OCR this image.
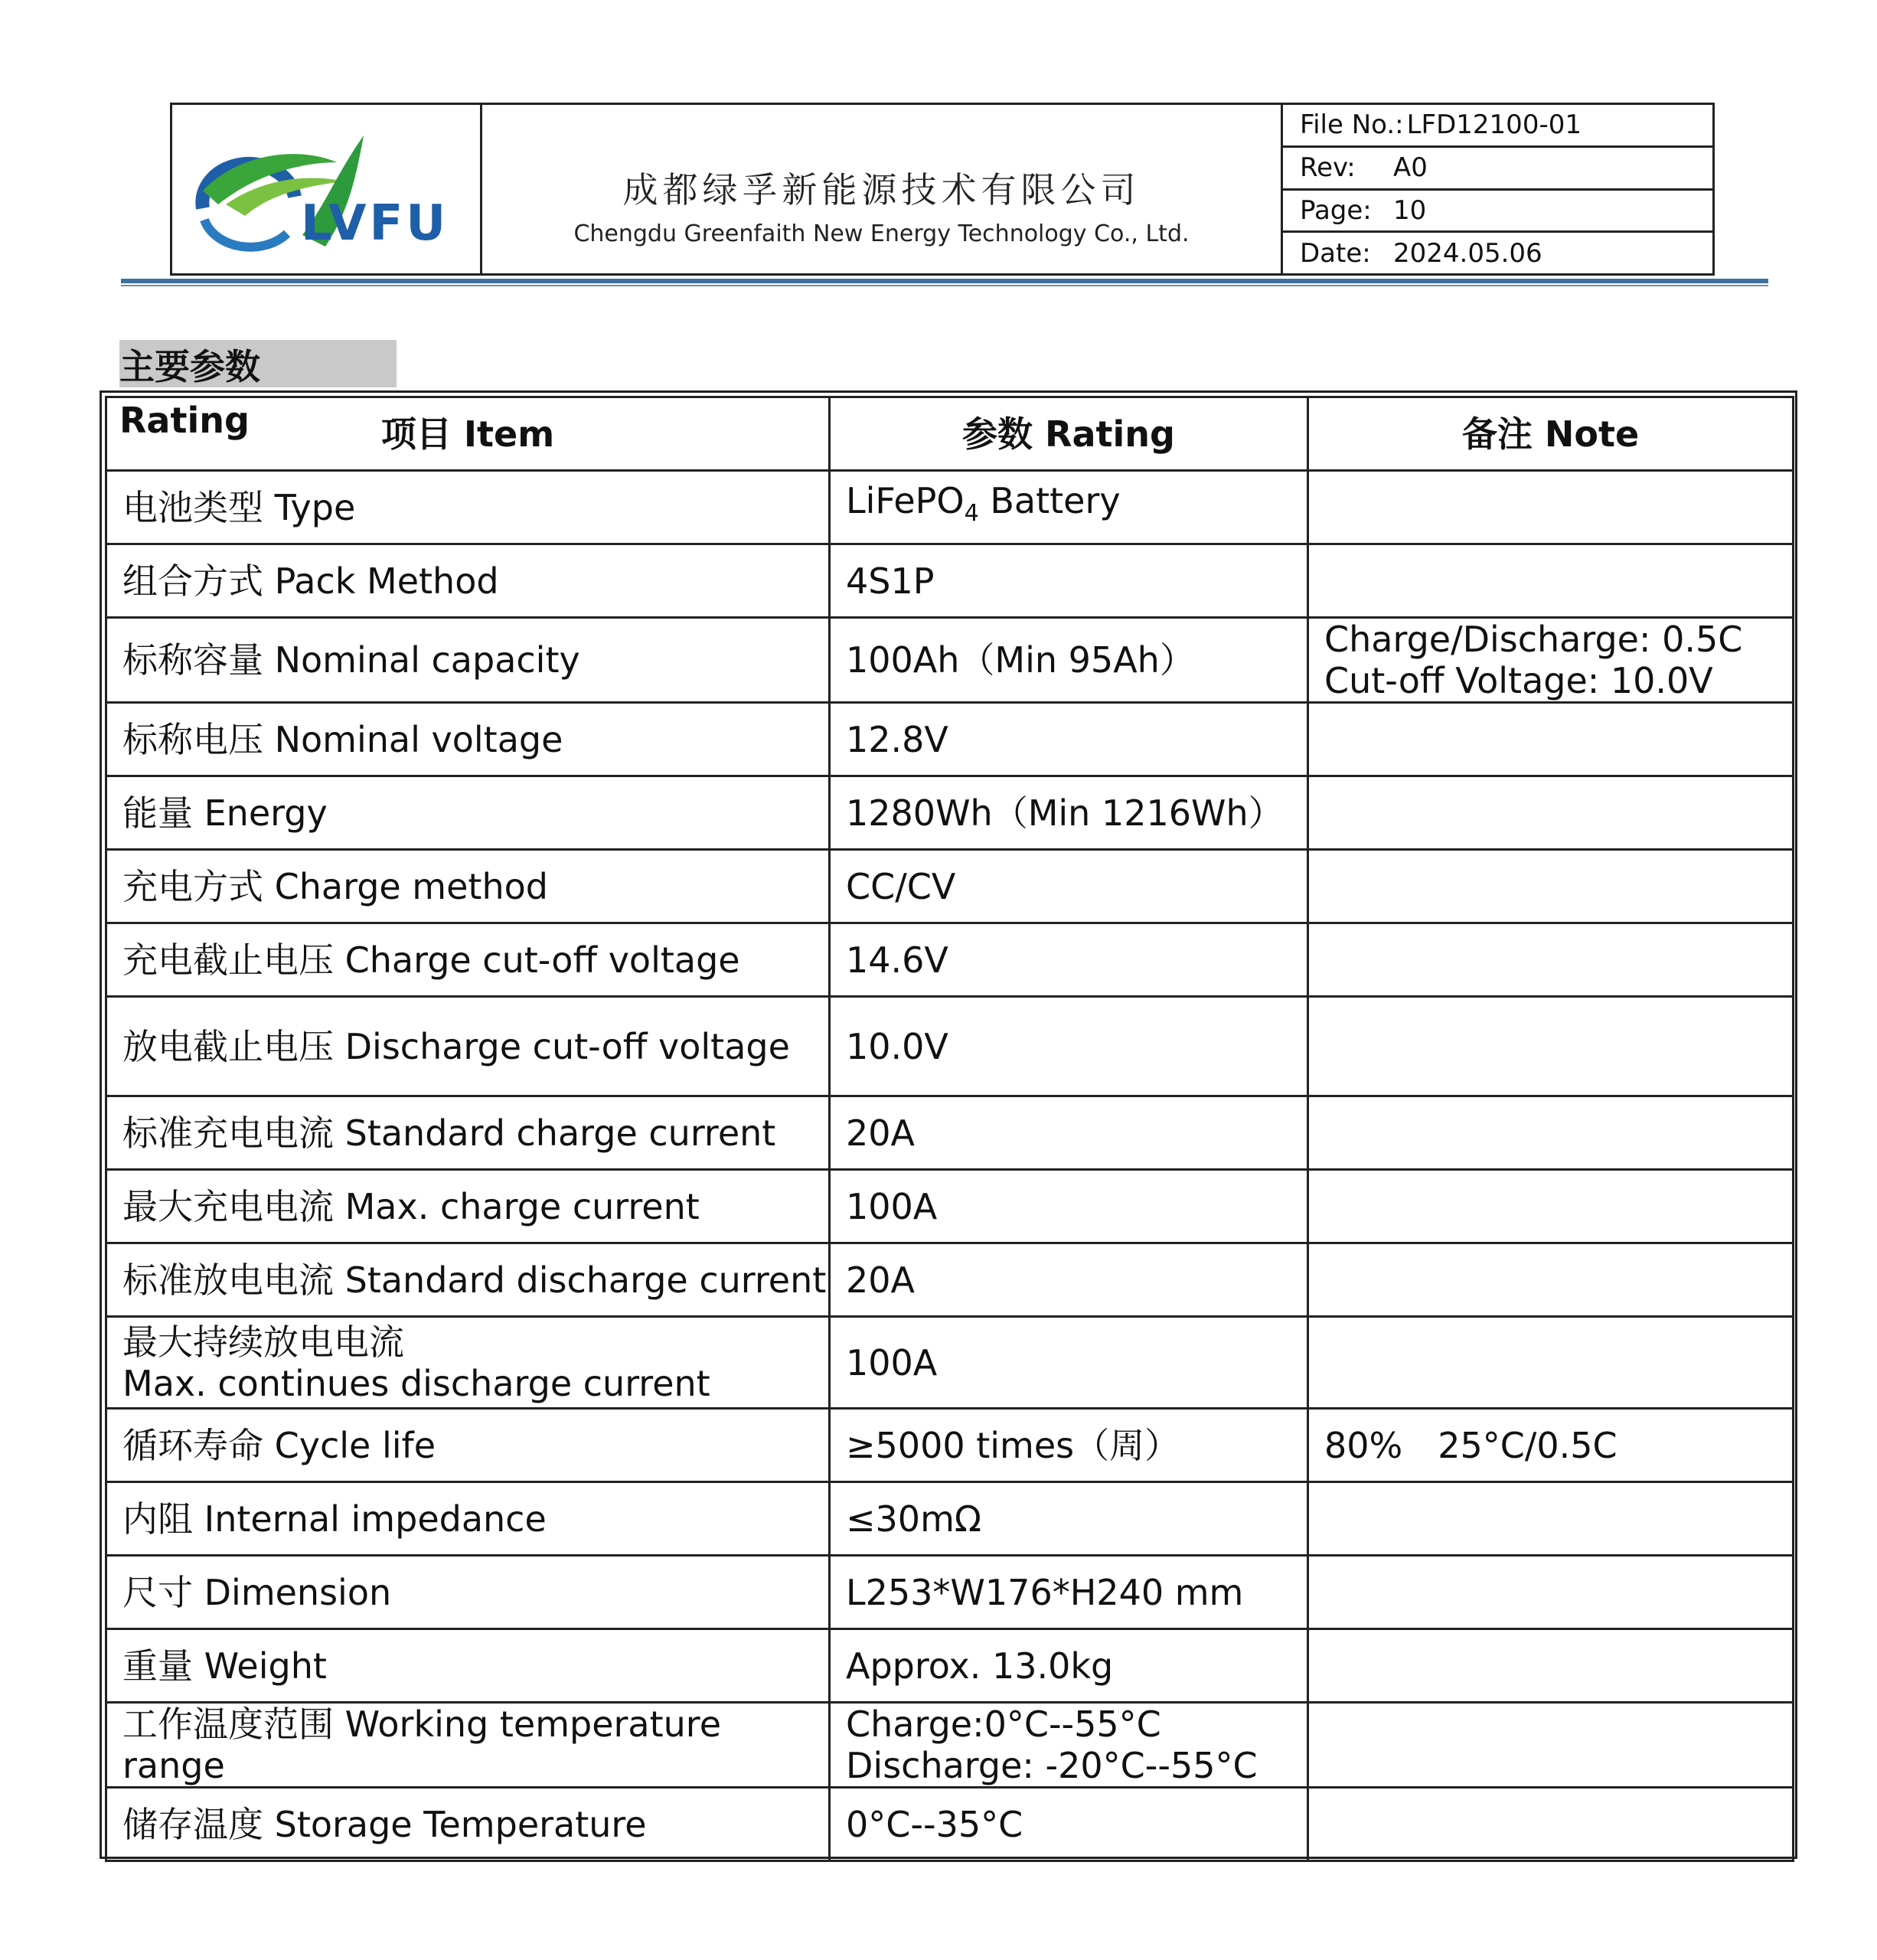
LVFU
成都绿孚新能源技术有限公司
Chengdu Greenfaith New Energy Technology Co., Ltd.
File No.: LFD12100-01
Rev:	A0
Page: 10
Date: 2024.05.06
主要参数 Rating	项目 Item	参数 Rating	备注 Note
电池类型 Type	LiFePO$_4$ Battery	
组合方式 Pack Method	4S1P	
标称容量 Nominal capacity	100Ah（Min 95Ah）	Charge/Discharge: 0.5C
Cut-off Voltage: 10.0V

标称电压 Nominal voltage	12.8V	
能量 Energy	1280Wh（Min 1216Wh）	
充电方式 Charge method	CC/CV	
充电截止电压 Charge cut-off voltage	14.6V	
放电截止电压 Discharge cut-off voltage	10.0V	
标准充电电流 Standard charge current	20A	
最大充电电流 Max. charge current	100A	
标准放电电流 Standard discharge current	20A	

最大持续放电电流
Max. continues discharge current	100A	
循环寿命 Cycle life	≥5000 times（周）	80%　25°C/0.5C
内阻 Internal impedance	≤30mΩ	
尺寸 Dimension	L253*W176*H240 mm	
重量 Weight	Approx. 13.0kg	
工作温度范围 Working temperature range	Charge:0°C--55°C
Discharge: -20°C--55°C	

储存温度 Storage Temperature	0°C--35°C	
